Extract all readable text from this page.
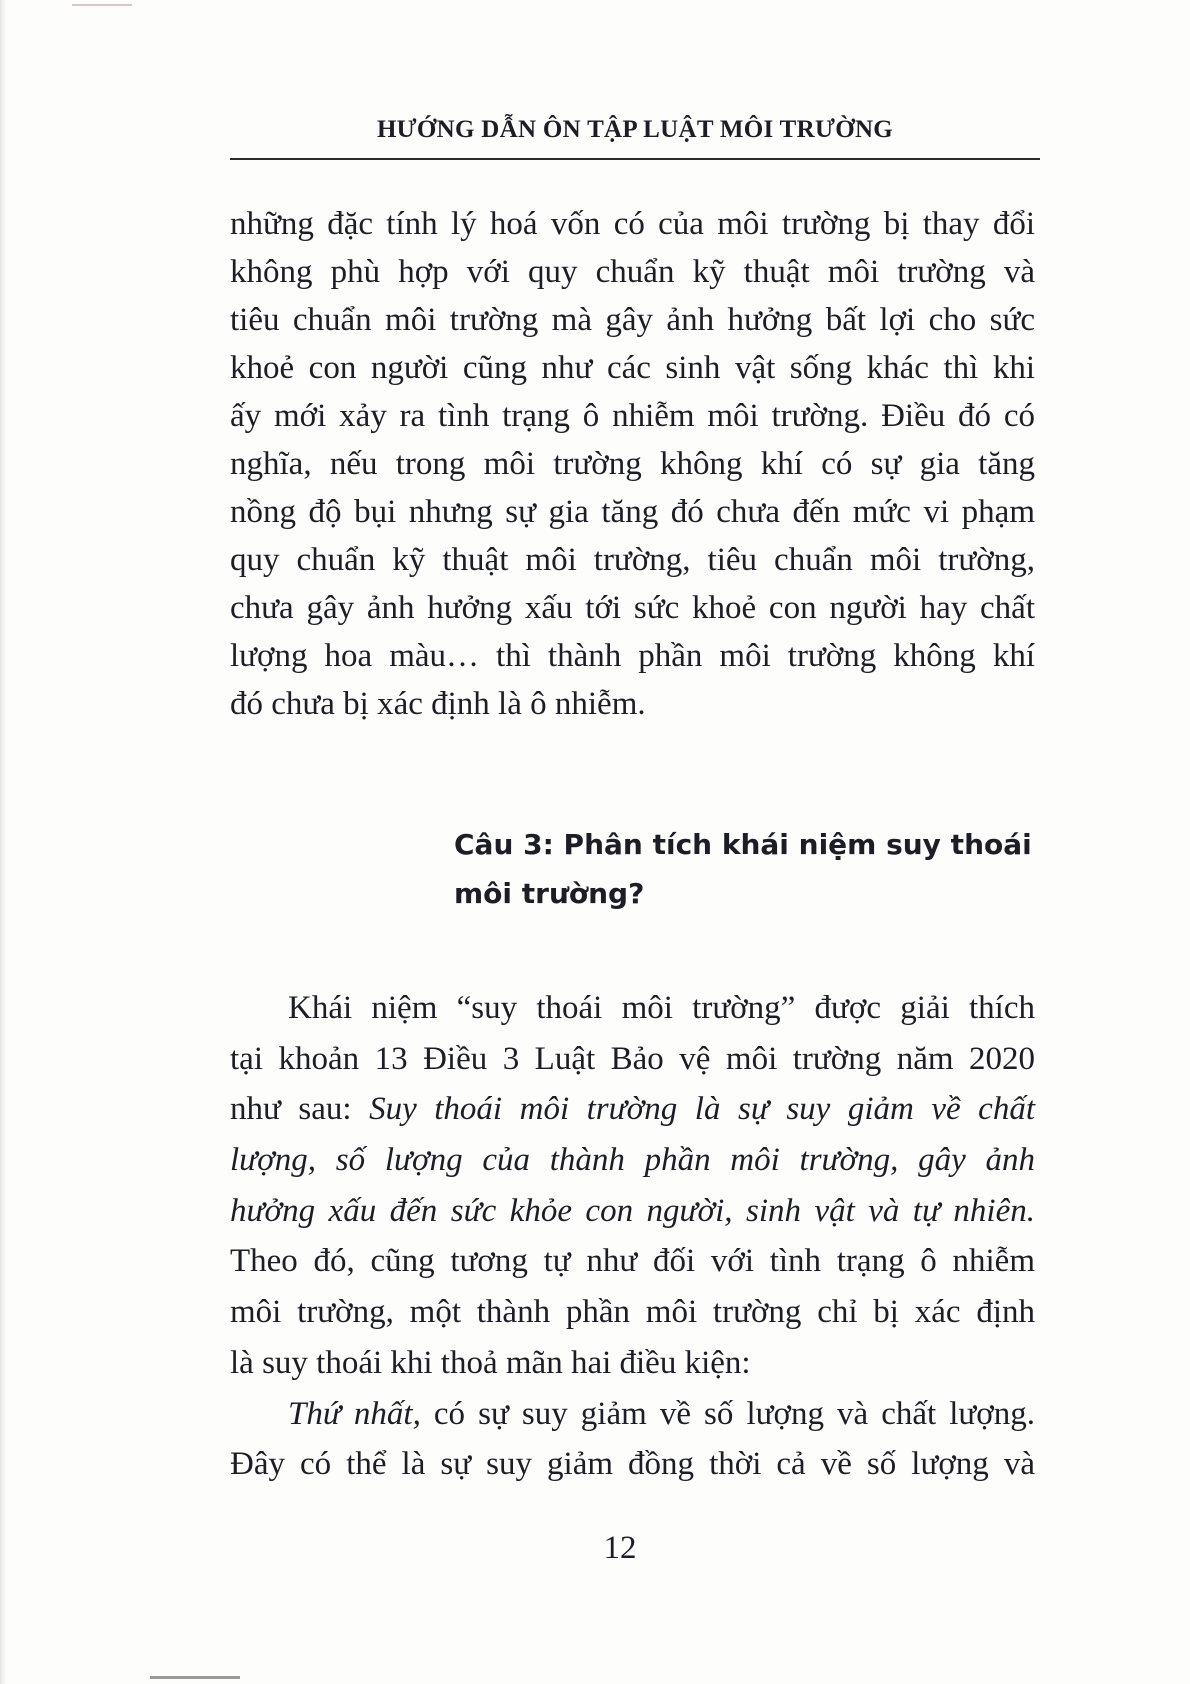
HƯỚNG DẪN ÔN TẬP LUẬT MÔI TRƯỜNG
những đặc tính lý hoá vốn có của môi trường bị thay đổi
không phù hợp với quy chuẩn kỹ thuật môi trường và
tiêu chuẩn môi trường mà gây ảnh hưởng bất lợi cho sức
khoẻ con người cũng như các sinh vật sống khác thì khi
ấy mới xảy ra tình trạng ô nhiễm môi trường. Điều đó có
nghĩa, nếu trong môi trường không khí có sự gia tăng
nồng độ bụi nhưng sự gia tăng đó chưa đến mức vi phạm
quy chuẩn kỹ thuật môi trường, tiêu chuẩn môi trường,
chưa gây ảnh hưởng xấu tới sức khoẻ con người hay chất
lượng hoa màu… thì thành phần môi trường không khí
đó chưa bị xác định là ô nhiễm.
Câu 3: Phân tích khái niệm suy thoái
môi trường?
Khái niệm “suy thoái môi trường” được giải thích
tại khoản 13 Điều 3 Luật Bảo vệ môi trường năm 2020
như sau: Suy thoái môi trường là sự suy giảm về chất
lượng, số lượng của thành phần môi trường, gây ảnh
hưởng xấu đến sức khỏe con người, sinh vật và tự nhiên.
Theo đó, cũng tương tự như đối với tình trạng ô nhiễm
môi trường, một thành phần môi trường chỉ bị xác định
là suy thoái khi thoả mãn hai điều kiện:
Thứ nhất, có sự suy giảm về số lượng và chất lượng.
Đây có thể là sự suy giảm đồng thời cả về số lượng và
12
